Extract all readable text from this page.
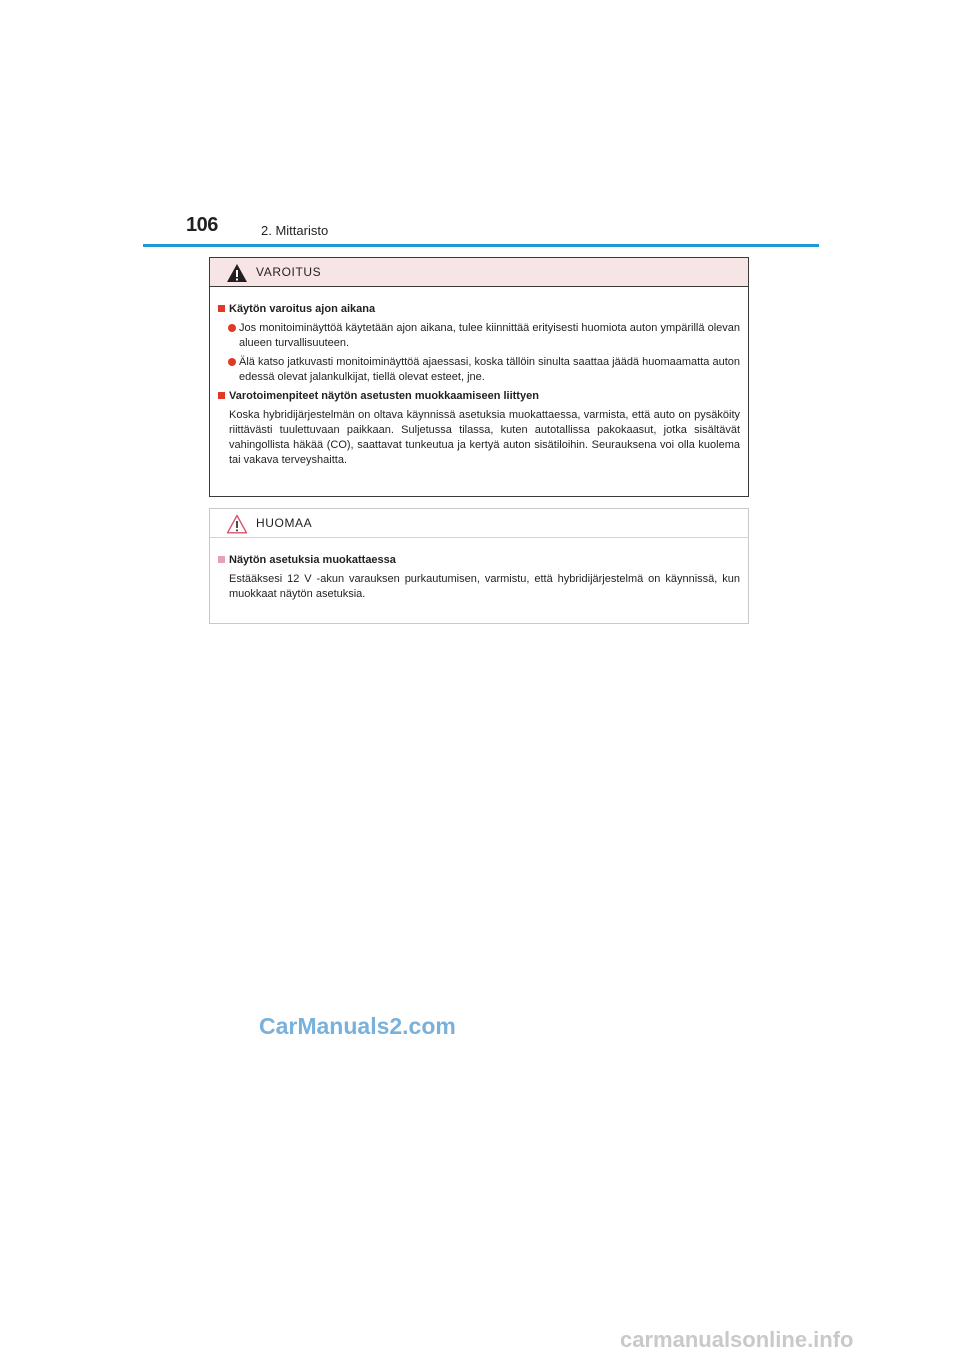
106	2. Mittaristo
VAROITUS
Käytön varoitus ajon aikana
Jos monitoiminäyttöä käytetään ajon aikana, tulee kiinnittää erityisesti huomiota auton ympärillä olevan alueen turvallisuuteen.
Älä katso jatkuvasti monitoiminäyttöä ajaessasi, koska tällöin sinulta saattaa jäädä huomaamatta auton edessä olevat jalankulkijat, tiellä olevat esteet, jne.
Varotoimenpiteet näytön asetusten muokkaamiseen liittyen
Koska hybridijärjestelmän on oltava käynnissä asetuksia muokattaessa, varmista, että auto on pysäköity riittävästi tuulettuvaan paikkaan. Suljetussa tilassa, kuten autotallissa pakokaasut, jotka sisältävät vahingollista häkää (CO), saattavat tunkeutua ja kertyä auton sisätiloihin. Seurauksena voi olla kuolema tai vakava terveyshaitta.
HUOMAA
Näytön asetuksia muokattaessa
Estääksesi 12 V -akun varauksen purkautumisen, varmistu, että hybridijärjestelmä on käynnissä, kun muokkaat näytön asetuksia.
CarManuals2.com
carmanualsonline.info
